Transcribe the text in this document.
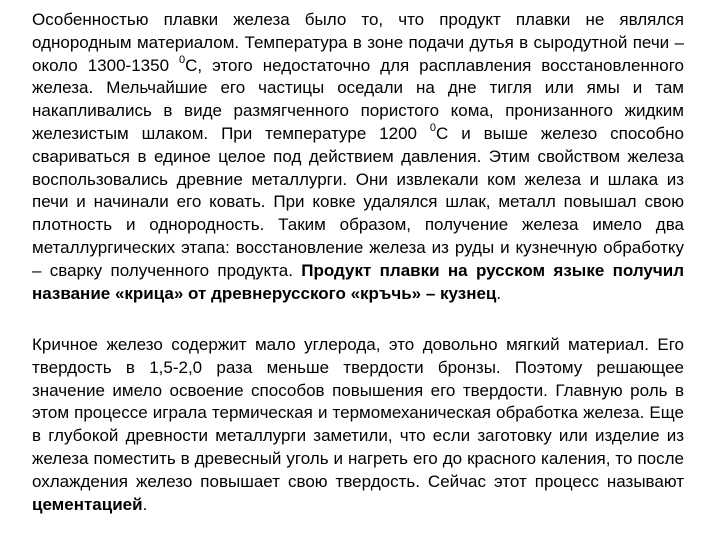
Особенностью плавки железа было то, что продукт плавки не являлся однородным материалом. Температура в зоне подачи дутья в сыродутной печи – около 1300-1350 $^0$С, этого недостаточно для расплавления восстановленного железа. Мельчайшие его частицы оседали на дне тигля или ямы и там накапливались в виде размягченного пористого кома, пронизанного жидким железистым шлаком. При температуре 1200 $^0$С и выше железо способно свариваться в единое целое под действием давления. Этим свойством железа воспользовались древние металлурги. Они извлекали ком железа и шлака из печи и начинали его ковать. При ковке удалялся шлак, металл повышал свою плотность и однородность. Таким образом, получение железа имело два металлургических этапа: восстановление железа из руды и кузнечную обработку – сварку полученного продукта. Продукт плавки на русском языке получил название «крица» от древнерусского «кръчь» – кузнец.

Кричное железо содержит мало углерода, это довольно мягкий материал. Его твердость в 1,5-2,0 раза меньше твердости бронзы. Поэтому решающее значение имело освоение способов повышения его твердости. Главную роль в этом процессе играла термическая и термомеханическая обработка железа. Еще в глубокой древности металлурги заметили, что если заготовку или изделие из железа поместить в древесный уголь и нагреть его до красного каления, то после охлаждения железо повышает свою твердость. Сейчас этот процесс называют цементацией.
